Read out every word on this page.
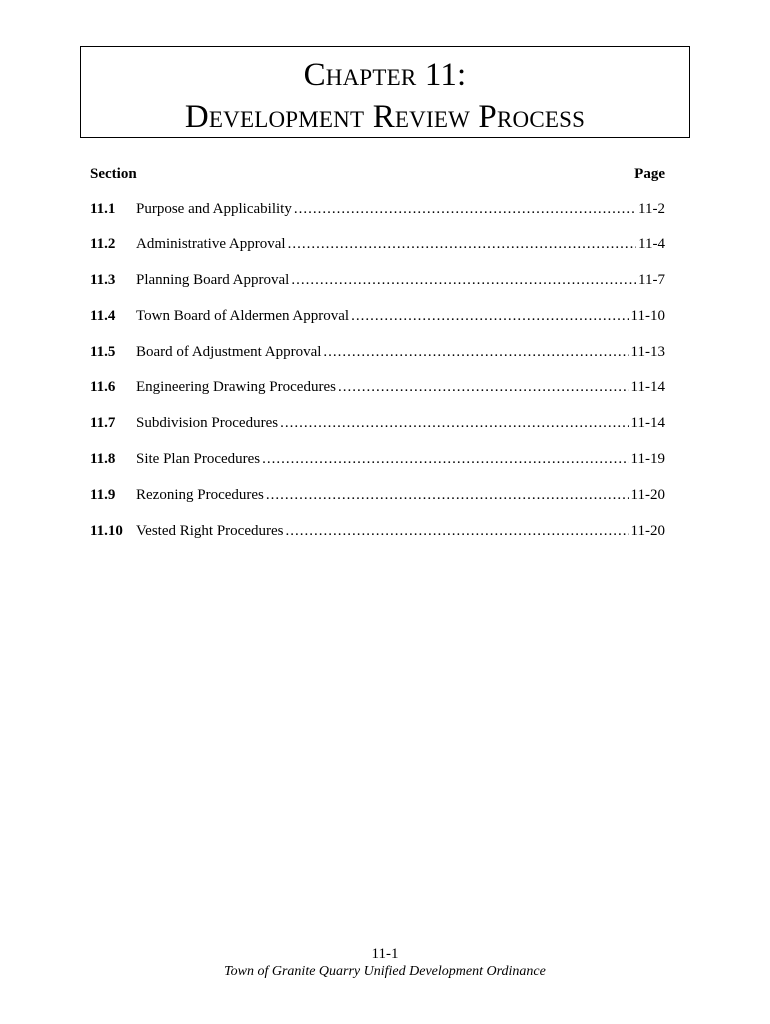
Chapter 11:
Development Review Process
Section	Page
11.1	Purpose and Applicability .....	11-2
11.2	Administrative Approval .....	11-4
11.3	Planning Board Approval .....	11-7
11.4	Town Board of Aldermen Approval .....	11-10
11.5	Board of Adjustment Approval .....	11-13
11.6	Engineering Drawing Procedures .....	11-14
11.7	Subdivision Procedures .....	11-14
11.8	Site Plan Procedures .....	11-19
11.9	Rezoning Procedures .....	11-20
11.10 Vested Right Procedures .....	11-20
11-1
Town of Granite Quarry Unified Development Ordinance
